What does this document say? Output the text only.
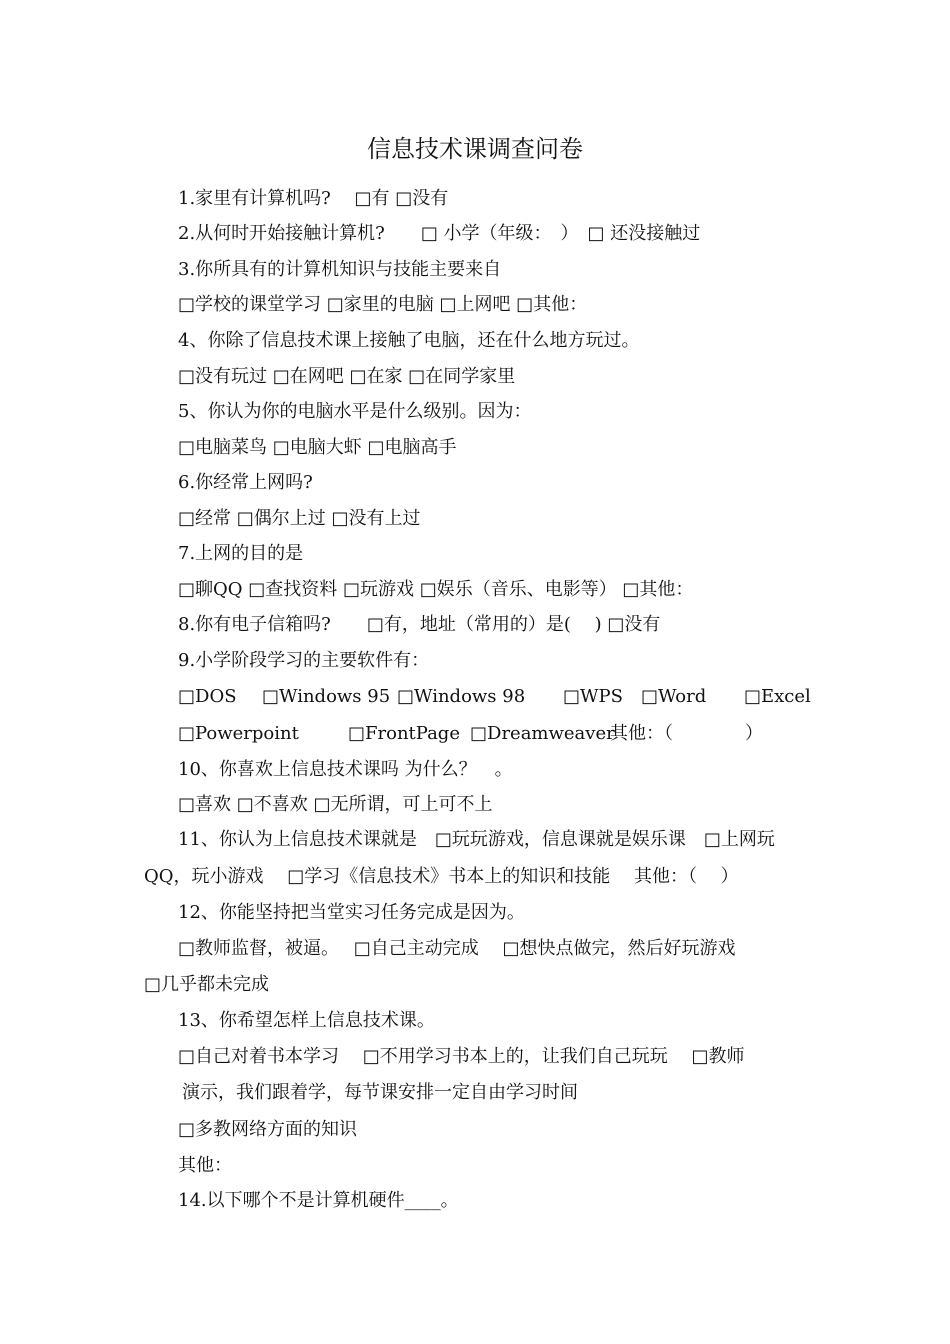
信息技术课调查问卷
1.家里有计算机吗?　 □有 □没有
2.从何时开始接触计算机?　　□ 小学（年级：　）　□ 还没接触过
3.你所具有的计算机知识与技能主要来自
□学校的课堂学习 □家里的电脑 □上网吧 □其他：
4、你除了信息技术课上接触了电脑，还在什么地方玩过。
□没有玩过 □在网吧 □在家 □在同学家里
5、你认为你的电脑水平是什么级别。因为：
□电脑菜鸟 □电脑大虾 □电脑高手
6.你经常上网吗?
□经常 □偶尔上过 □没有上过
7.上网的目的是
□聊QQ □查找资料 □玩游戏 □娱乐（音乐、电影等） □其他：
8.你有电子信箱吗?　　□有，地址（常用的）是(　 ) □没有
9.小学阶段学习的主要软件有：
□DOS □Windows 95 □Windows 98 □WPS □Word □Excel
□Powerpoint	□FrontPage □Dreamweaver
其他：（　　　　）
10、你喜欢上信息技术课吗 为什么？　。
□喜欢 □不喜欢 □无所谓，可上可不上
11、你认为上信息技术课就是　□玩玩游戏，信息课就是娱乐课　□上网玩
QQ，玩小游戏　 □学习《信息技术》书本上的知识和技能　 其他：（　 ）
12、你能坚持把当堂实习任务完成是因为。
□教师监督，被逼。　 □自己主动完成　 □想快点做完，然后好玩游戏
□几乎都未完成
13、你希望怎样上信息技术课。
□自己对着书本学习　 □不用学习书本上的，让我们自己玩玩　 □教师
演示，我们跟着学，每节课安排一定自由学习时间
□多教网络方面的知识
其他：
14.以下哪个不是计算机硬件____。
